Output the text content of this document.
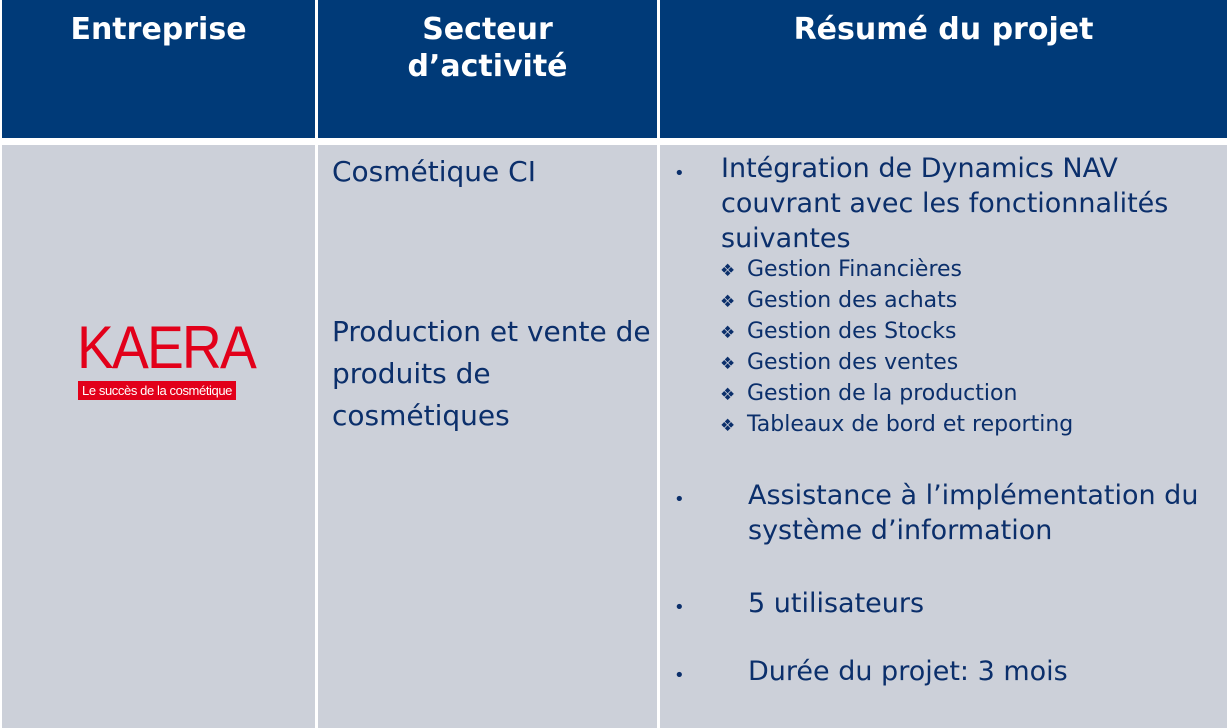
Entreprise	Secteur
d’activité
Résumé du projet
KAERA
Le succès de la cosmétique

Cosmétique CI

Production et vente de produits de cosmétiques

• Intégration de Dynamics NAV couvrant avec les fonctionnalités suivantes

❖ Gestion Financières
❖ Gestion des achats
❖ Gestion des Stocks
❖ Gestion des ventes
❖ Gestion de la production
❖ Tableaux de bord et reporting
• Assistance à l’implémentation du système d’information

• 5 utilisateurs

• Durée du projet: 3 mois
